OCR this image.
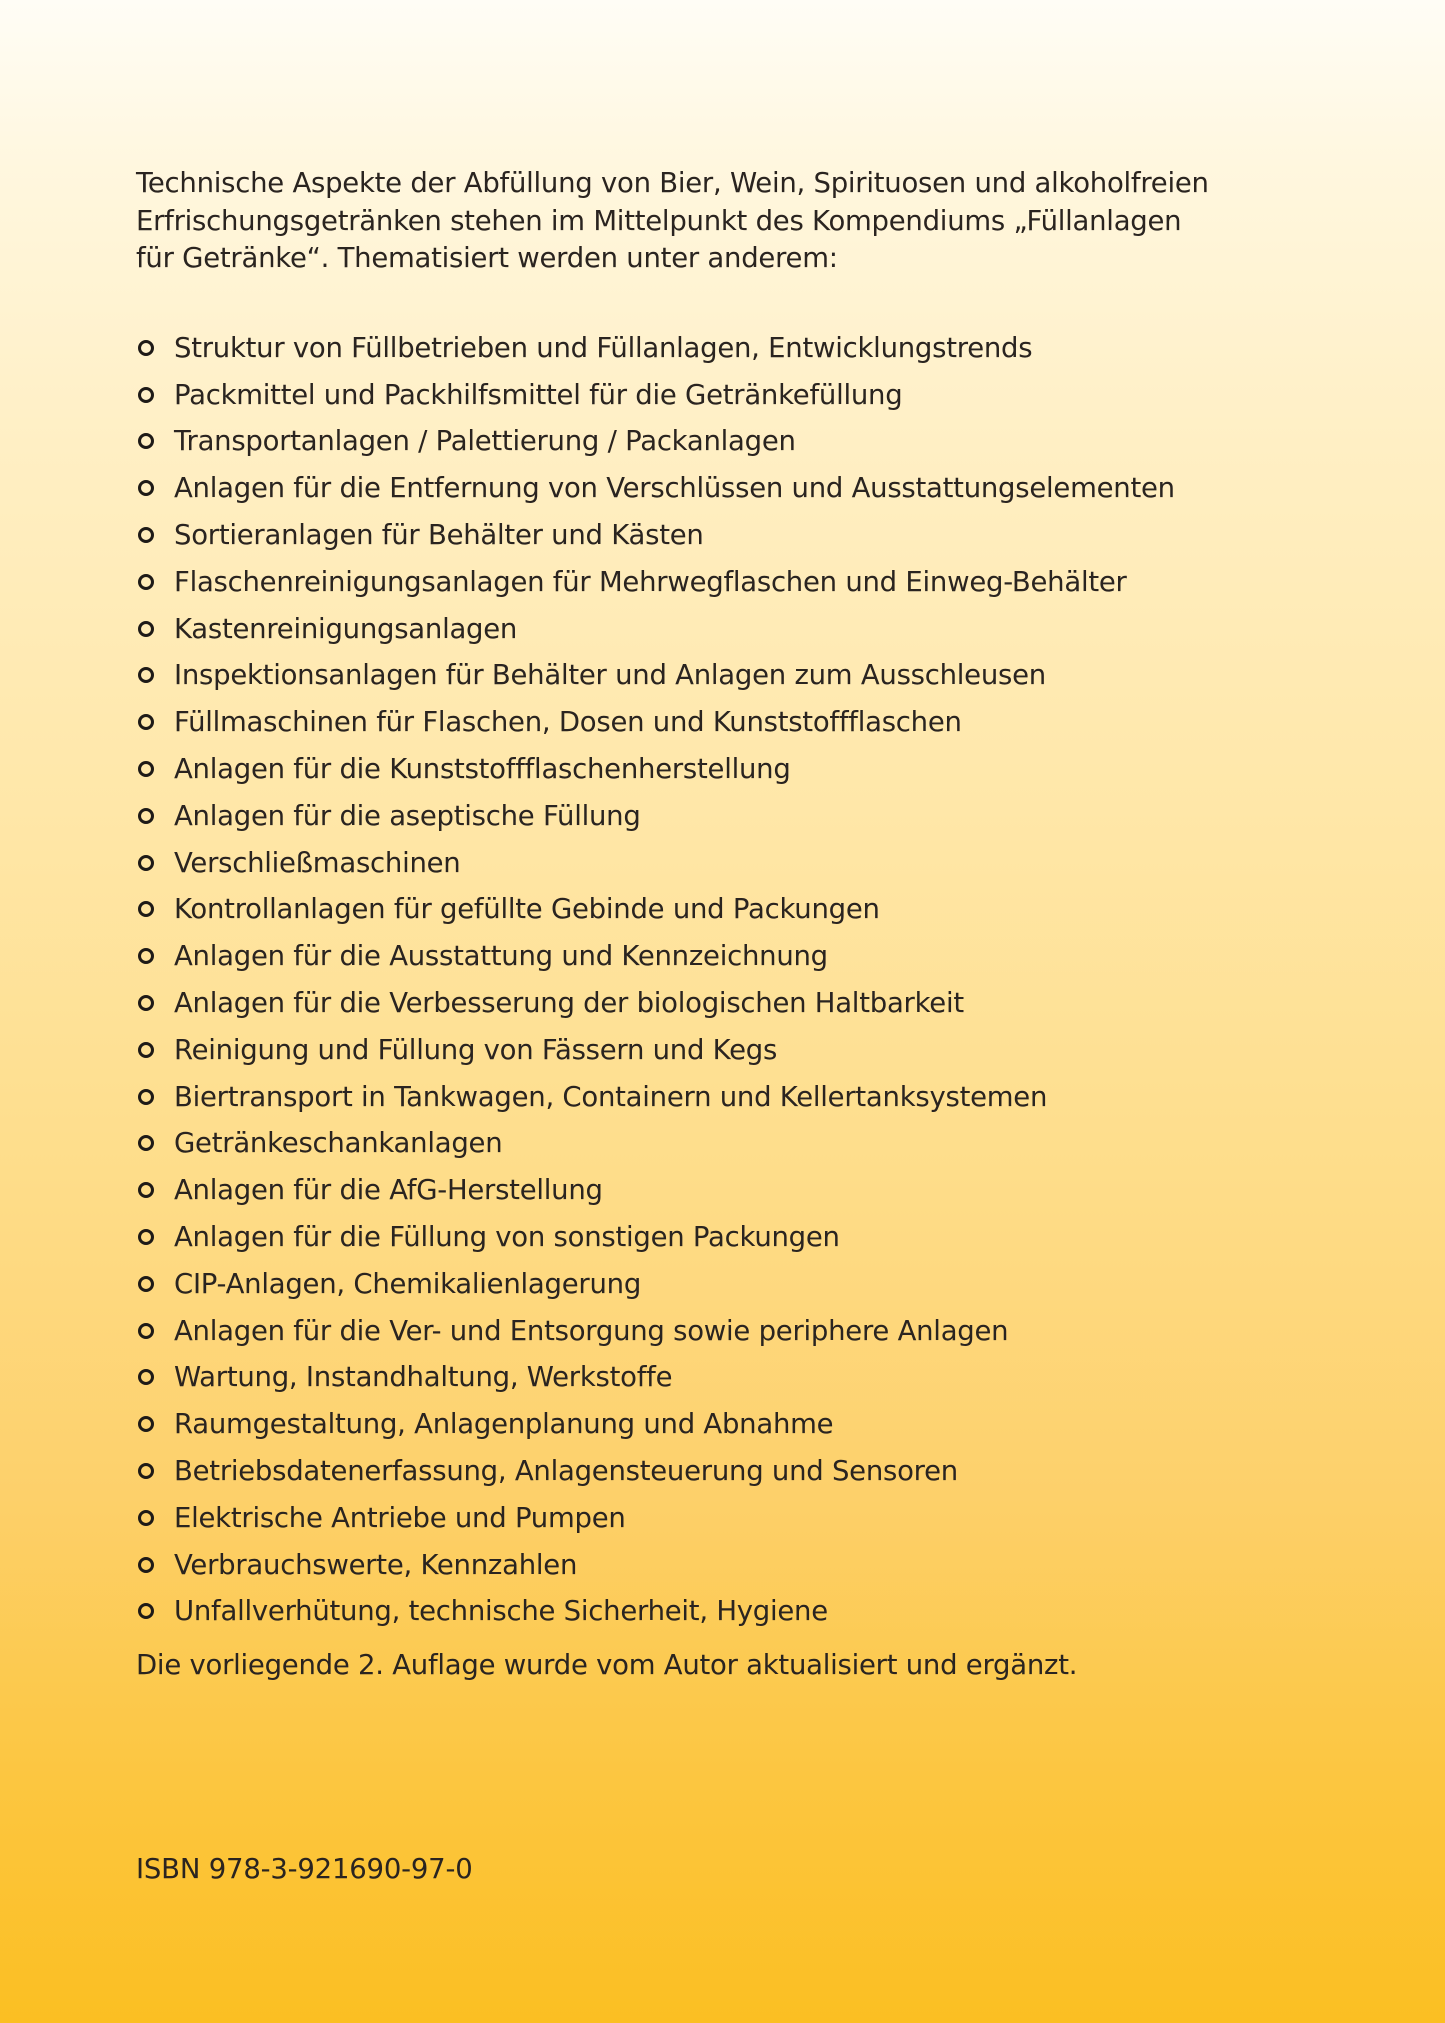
Technische Aspekte der Abfüllung von Bier, Wein, Spirituosen und alkoholfreien
Erfrischungsgetränken stehen im Mittelpunkt des Kompendiums „Füllanlagen
für Getränke“. Thematisiert werden unter anderem:

Struktur von Füllbetrieben und Füllanlagen, Entwicklungstrends
Packmittel und Packhilfsmittel für die Getränkefüllung
Transportanlagen / Palettierung / Packanlagen
Anlagen für die Entfernung von Verschlüssen und Ausstattungselementen
Sortieranlagen für Behälter und Kästen
Flaschenreinigungsanlagen für Mehrwegflaschen und Einweg-Behälter
Kastenreinigungsanlagen
Inspektionsanlagen für Behälter und Anlagen zum Ausschleusen
Füllmaschinen für Flaschen, Dosen und Kunststoffflaschen
Anlagen für die Kunststoffflaschenherstellung
Anlagen für die aseptische Füllung
Verschließmaschinen
Kontrollanlagen für gefüllte Gebinde und Packungen
Anlagen für die Ausstattung und Kennzeichnung
Anlagen für die Verbesserung der biologischen Haltbarkeit
Reinigung und Füllung von Fässern und Kegs
Biertransport in Tankwagen, Containern und Kellertanksystemen
Getränkeschankanlagen
Anlagen für die AfG-Herstellung
Anlagen für die Füllung von sonstigen Packungen
CIP-Anlagen, Chemikalienlagerung
Anlagen für die Ver- und Entsorgung sowie periphere Anlagen
Wartung, Instandhaltung, Werkstoffe
Raumgestaltung, Anlagenplanung und Abnahme
Betriebsdatenerfassung, Anlagensteuerung und Sensoren
Elektrische Antriebe und Pumpen
Verbrauchswerte, Kennzahlen
Unfallverhütung, technische Sicherheit, Hygiene

Die vorliegende 2. Auflage wurde vom Autor aktualisiert und ergänzt.

ISBN 978-3-921690-97-0
